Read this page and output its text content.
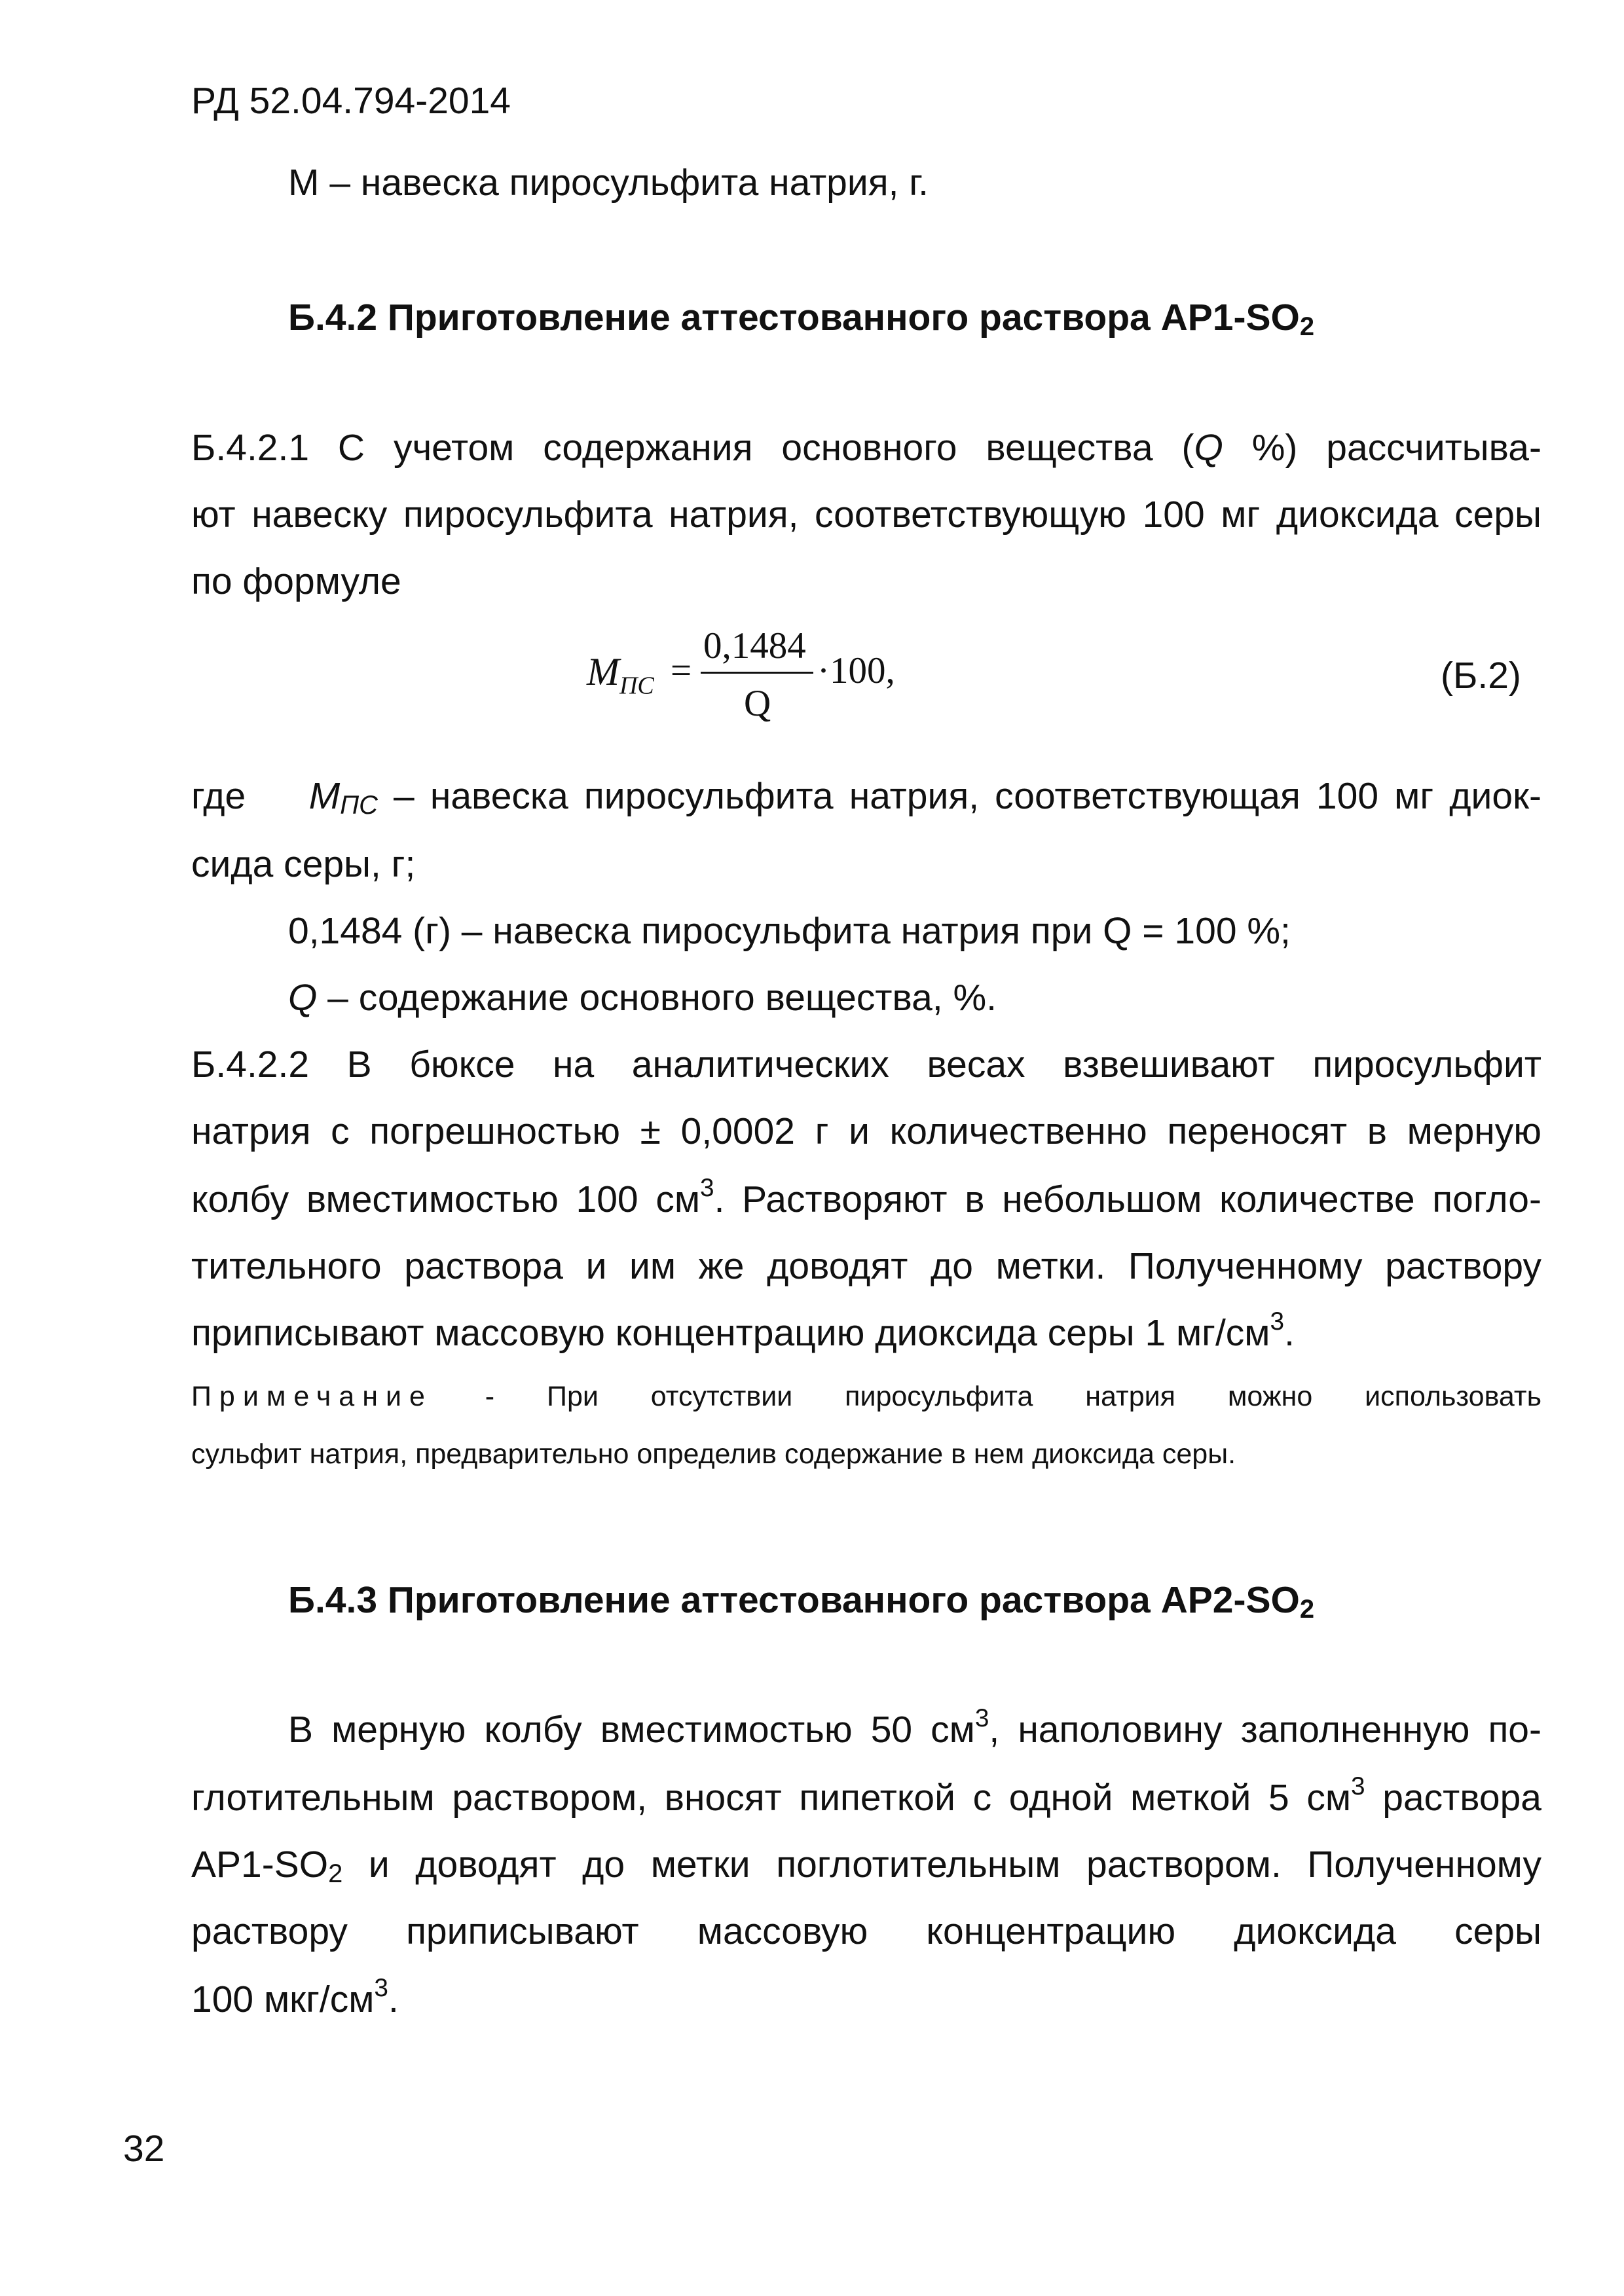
РД 52.04.794-2014
М – навеска пиросульфита натрия, г.
Б.4.2 Приготовление аттестованного раствора $АР1-SO_2$
Б.4.2.1 С учетом содержания основного вещества (Q %) рассчитыва-
ют навеску пиросульфита натрия, соответствующую 100 мг диоксида серы
по формуле
$M_{ПС}$ =
0,1484
Q
·100,	(Б.2)
где $M_{ПС}$ – навеска пиросульфита натрия, соответствующая 100 мг диок-
сида серы, г;
0,1484 (г) – навеска пиросульфита натрия при Q = 100 %;
Q – содержание основного вещества, %.
Б.4.2.2 В бюксе на аналитических весах взвешивают пиросульфит
натрия с погрешностью ± 0,0002 г и количественно переносят в мерную
колбу вместимостью 100 $см^3$. Растворяют в небольшом количестве погло-
тительного раствора и им же доводят до метки. Полученному раствору
приписывают массовую концентрацию диоксида серы 1 $мг/см^3$.
Примечание - При отсутствии пиросульфита натрия можно использовать
сульфит натрия, предварительно определив содержание в нем диоксида серы.
Б.4.3 Приготовление аттестованного раствора $АР2-SO_2$
В мерную колбу вместимостью 50 $см^3$, наполовину заполненную по-
глотительным раствором, вносят пипеткой с одной меткой 5 $см^3$ раствора
$АР1-SO_2$ и доводят до метки поглотительным раствором. Полученному
раствору приписывают массовую концентрацию диоксида серы
100 мкг/$см^3$.
32
